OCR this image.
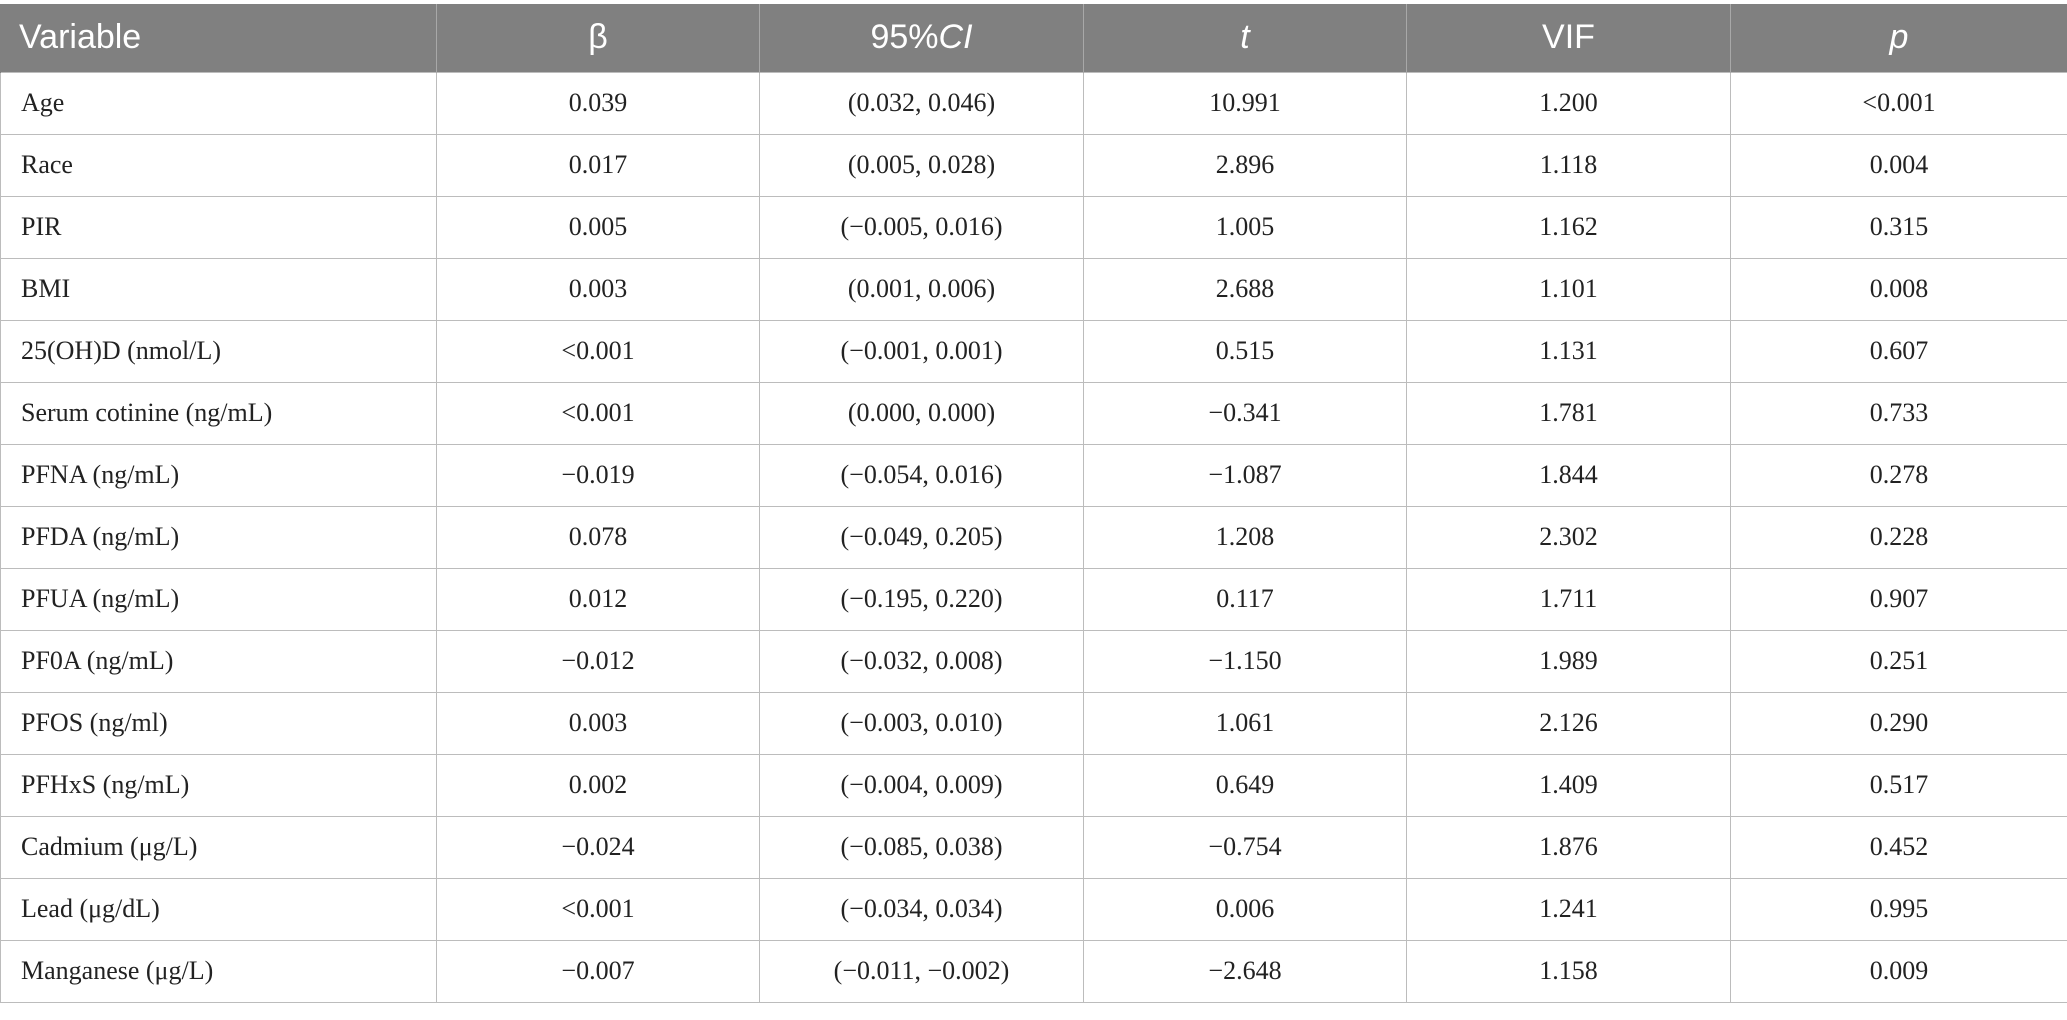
Variable	β	95%CI	t	VIF	p
Age	0.039	(0.032, 0.046)	10.991	1.200	<0.001
Race	0.017	(0.005, 0.028)	2.896	1.118	0.004
PIR	0.005	(−0.005, 0.016)	1.005	1.162	0.315
BMI	0.003	(0.001, 0.006)	2.688	1.101	0.008
25(OH)D (nmol/L)	<0.001	(−0.001, 0.001)	0.515	1.131	0.607
Serum cotinine (ng/mL)	<0.001	(0.000, 0.000)	−0.341	1.781	0.733
PFNA (ng/mL)	−0.019	(−0.054, 0.016)	−1.087	1.844	0.278
PFDA (ng/mL)	0.078	(−0.049, 0.205)	1.208	2.302	0.228
PFUA (ng/mL)	0.012	(−0.195, 0.220)	0.117	1.711	0.907
PF0A (ng/mL)	−0.012	(−0.032, 0.008)	−1.150	1.989	0.251
PFOS (ng/ml)	0.003	(−0.003, 0.010)	1.061	2.126	0.290
PFHxS (ng/mL)	0.002	(−0.004, 0.009)	0.649	1.409	0.517
Cadmium (μg/L)	−0.024	(−0.085, 0.038)	−0.754	1.876	0.452
Lead (μg/dL)	<0.001	(−0.034, 0.034)	0.006	1.241	0.995
Manganese (μg/L)	−0.007	(−0.011, −0.002)	−2.648	1.158	0.009
